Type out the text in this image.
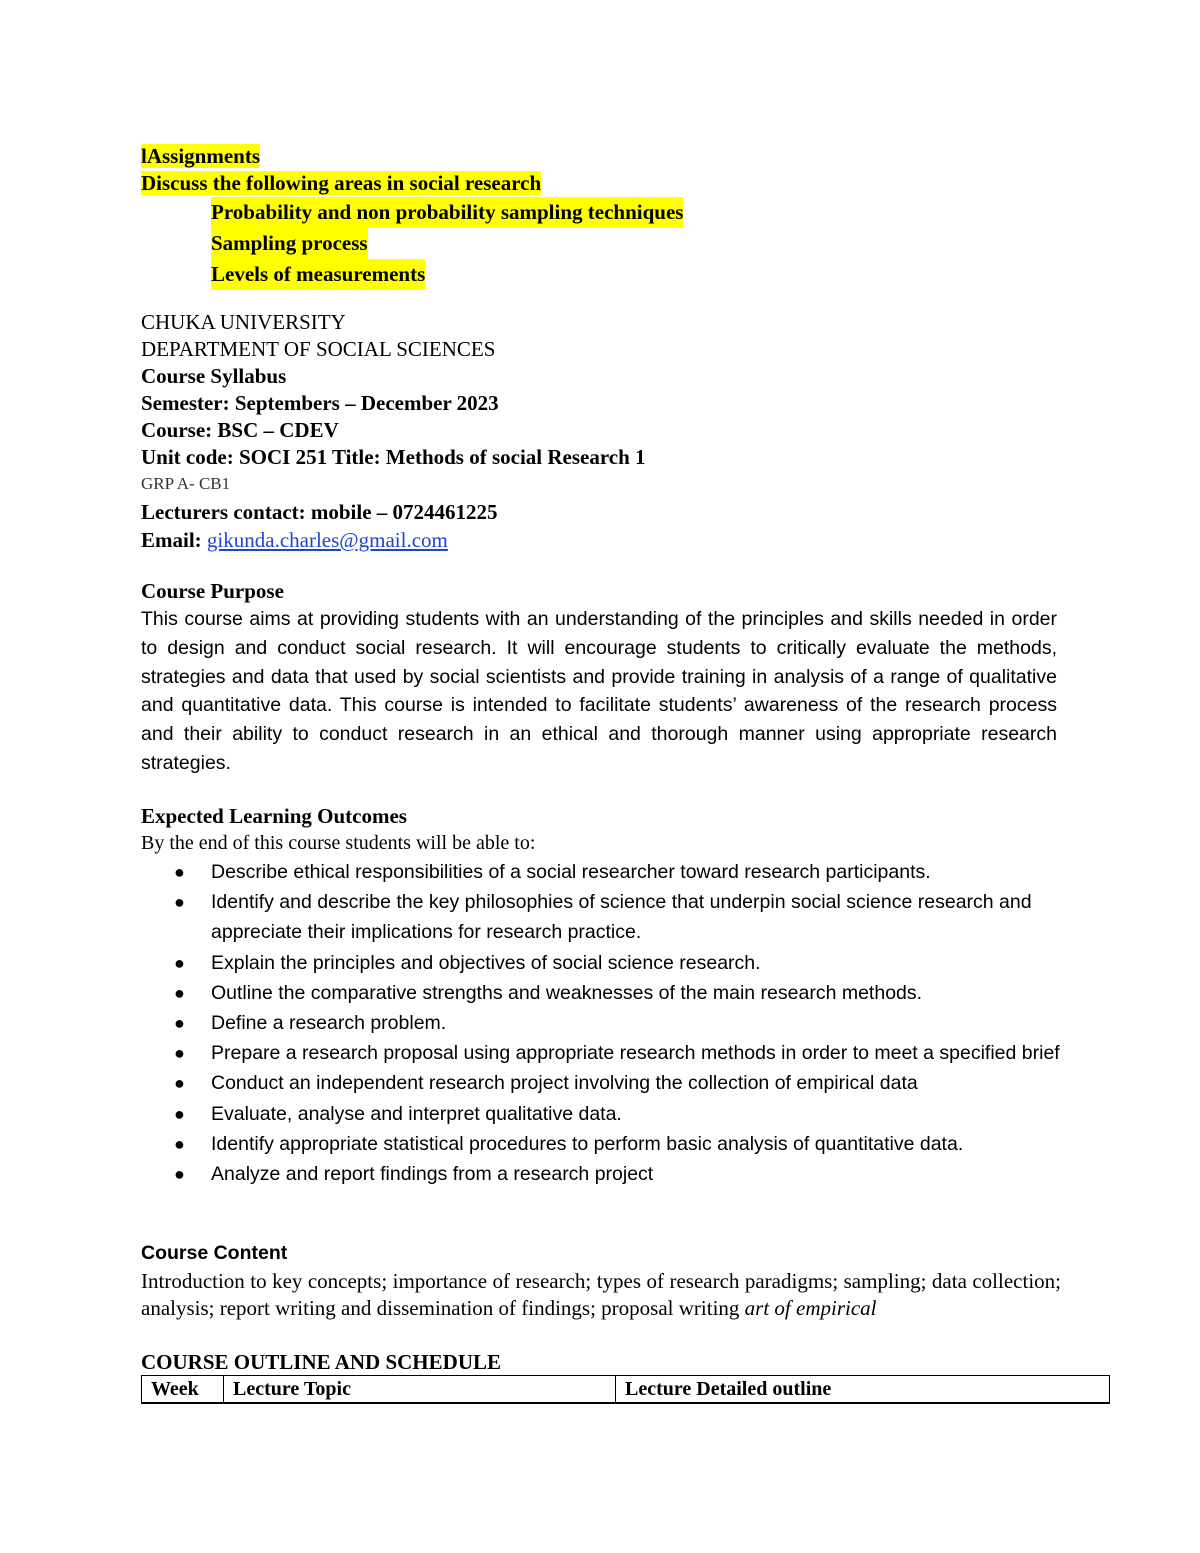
lAssignments
Discuss the following areas in social research
Probability and non probability sampling techniques
Sampling process
Levels of measurements
CHUKA UNIVERSITY
DEPARTMENT OF SOCIAL SCIENCES
Course Syllabus
Semester: Septembers – December 2023
Course: BSC – CDEV
Unit code: SOCI 251 Title: Methods of social Research 1
GRP A- CB1
Lecturers contact: mobile – 0724461225
Email: gikunda.charles@gmail.com
Course Purpose

This course aims at providing students with an understanding of the principles and skills needed in order to design and conduct social research. It will encourage students to critically evaluate the methods, strategies and data that used by social scientists and provide training in analysis of a range of qualitative and quantitative data. This course is intended to facilitate students’ awareness of the research process and their ability to conduct research in an ethical and thorough manner using appropriate research strategies.

Expected Learning Outcomes
By the end of this course students will be able to:
● Describe ethical responsibilities of a social researcher toward research participants.
● Identify and describe the key philosophies of science that underpin social science research and appreciate their implications for research practice.
● Explain the principles and objectives of social science research.
● Outline the comparative strengths and weaknesses of the main research methods.
● Define a research problem.
● Prepare a research proposal using appropriate research methods in order to meet a specified brief
● Conduct an independent research project involving the collection of empirical data
● Evaluate, analyse and interpret qualitative data.
● Identify appropriate statistical procedures to perform basic analysis of quantitative data.
● Analyze and report findings from a research project
Course Content

Introduction to key concepts; importance of research; types of research paradigms; sampling; data collection; analysis; report writing and dissemination of findings; proposal writing art of empirical

COURSE OUTLINE AND SCHEDULE
Week	Lecture Topic	Lecture Detailed outline
